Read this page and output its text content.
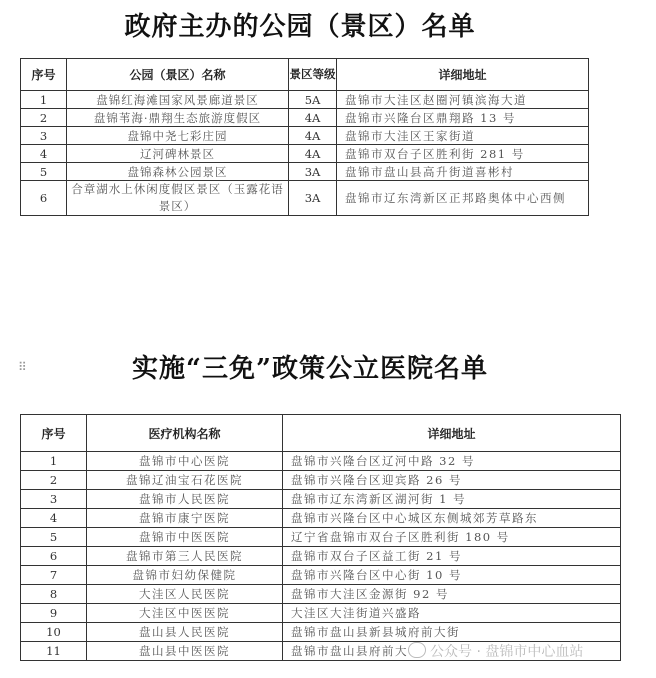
政府主办的公园（景区）名单
序号	公园（景区）名称	景区等级	详细地址
1	盘锦红海滩国家风景廊道景区	5A	盘锦市大洼区赵圈河镇滨海大道
2	盘锦苇海·鼎翔生态旅游度假区	4A	盘锦市兴隆台区鼎翔路 13 号
3	盘锦中尧七彩庄园	4A	盘锦市大洼区王家街道
4	辽河碑林景区	4A	盘锦市双台子区胜利街 281 号
5	盘锦森林公园景区	3A	盘锦市盘山县高升街道喜彬村
6	合章湖水上休闲度假区景区（玉露花语景区）	3A	盘锦市辽东湾新区正邦路奥体中心西侧
⠿	实施“三免”政策公立医院名单
序号	医疗机构名称	详细地址
1	盘锦市中心医院	盘锦市兴隆台区辽河中路 32 号
2	盘锦辽油宝石花医院	盘锦市兴隆台区迎宾路 26 号
3	盘锦市人民医院	盘锦市辽东湾新区湖河街 1 号
4	盘锦市康宁医院	盘锦市兴隆台区中心城区东侧城郊芳草路东
5	盘锦市中医医院	辽宁省盘锦市双台子区胜利街 180 号
6	盘锦市第三人民医院	盘锦市双台子区益工街 21 号
7	盘锦市妇幼保健院	盘锦市兴隆台区中心街 10 号
8	大洼区人民医院	盘锦市大洼区金源街 92 号
9	大洼区中医医院	大洼区大洼街道兴盛路
10	盘山县人民医院	盘锦市盘山县新县城府前大街
11	盘山县中医医院	盘锦市盘山县府前大	公众号 · 盘锦市中心血站
